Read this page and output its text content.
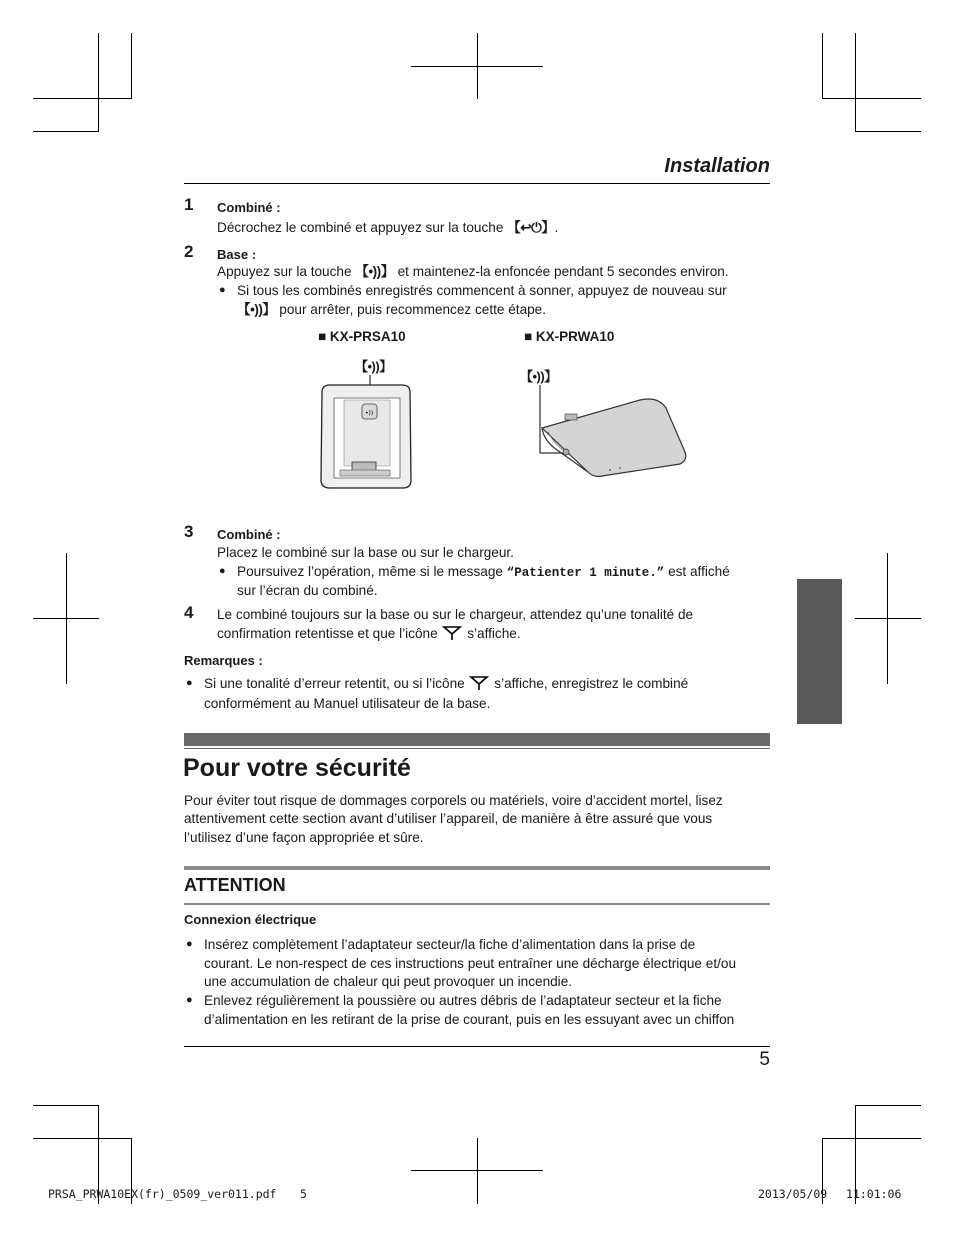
Installation
1 Combiné :
Décrochez le combiné et appuyez sur la touche 【↩⏻】.
2 Base :
Appuyez sur la touche 【•))】 et maintenez-la enfoncée pendant 5 secondes environ.
● Si tous les combinés enregistrés commencent à sonner, appuyez de nouveau sur
【•))】 pour arrêter, puis recommencez cette étape.
■ KX-PRSA10	■ KX-PRWA10
【•))】
【•))】
•))
3 Combiné :
Placez le combiné sur la base ou sur le chargeur.
● Poursuivez l’opération, même si le message “Patienter 1 minute.” est affiché
sur l’écran du combiné.
4 Le combiné toujours sur la base ou sur le chargeur, attendez qu’une tonalité de
confirmation retentisse et que l’icône s’affiche.
Remarques :
● Si une tonalité d’erreur retentit, ou si l’icône s’affiche, enregistrez le combiné
conformément au Manuel utilisateur de la base.
Pour votre sécurité
Pour éviter tout risque de dommages corporels ou matériels, voire d’accident mortel, lisez
attentivement cette section avant d’utiliser l’appareil, de manière à être assuré que vous
l’utilisez d’une façon appropriée et sûre.
ATTENTION
Connexion électrique
● Insérez complètement l’adaptateur secteur/la fiche d’alimentation dans la prise de
courant. Le non-respect de ces instructions peut entraîner une décharge électrique et/ou
une accumulation de chaleur qui peut provoquer un incendie.
● Enlevez régulièrement la poussière ou autres débris de l’adaptateur secteur et la fiche
d’alimentation en les retirant de la prise de courant, puis en les essuyant avec un chiffon
5
PRSA_PRWA10EX(fr)_0509_ver011.pdf 5	2013/05/09 11:01:06
